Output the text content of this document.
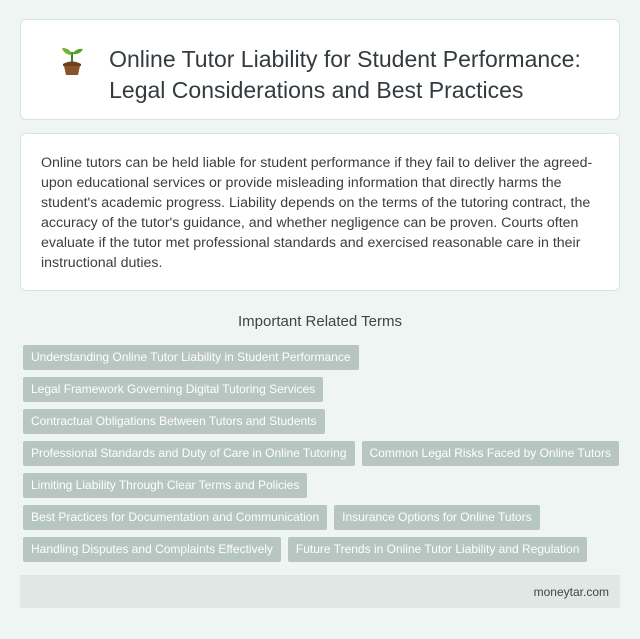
Online Tutor Liability for Student Performance:
Legal Considerations and Best Practices
Online tutors can be held liable for student performance if they fail to deliver the agreed-upon educational services or provide misleading information that directly harms the student's academic progress. Liability depends on the terms of the tutoring contract, the accuracy of the tutor's guidance, and whether negligence can be proven. Courts often evaluate if the tutor met professional standards and exercised reasonable care in their instructional duties.
Important Related Terms
Understanding Online Tutor Liability in Student Performance
Legal Framework Governing Digital Tutoring Services
Contractual Obligations Between Tutors and Students
Professional Standards and Duty of Care in Online Tutoring	Common Legal Risks Faced by Online Tutors
Limiting Liability Through Clear Terms and Policies
Best Practices for Documentation and Communication	Insurance Options for Online Tutors
Handling Disputes and Complaints Effectively	Future Trends in Online Tutor Liability and Regulation
moneytar.com
